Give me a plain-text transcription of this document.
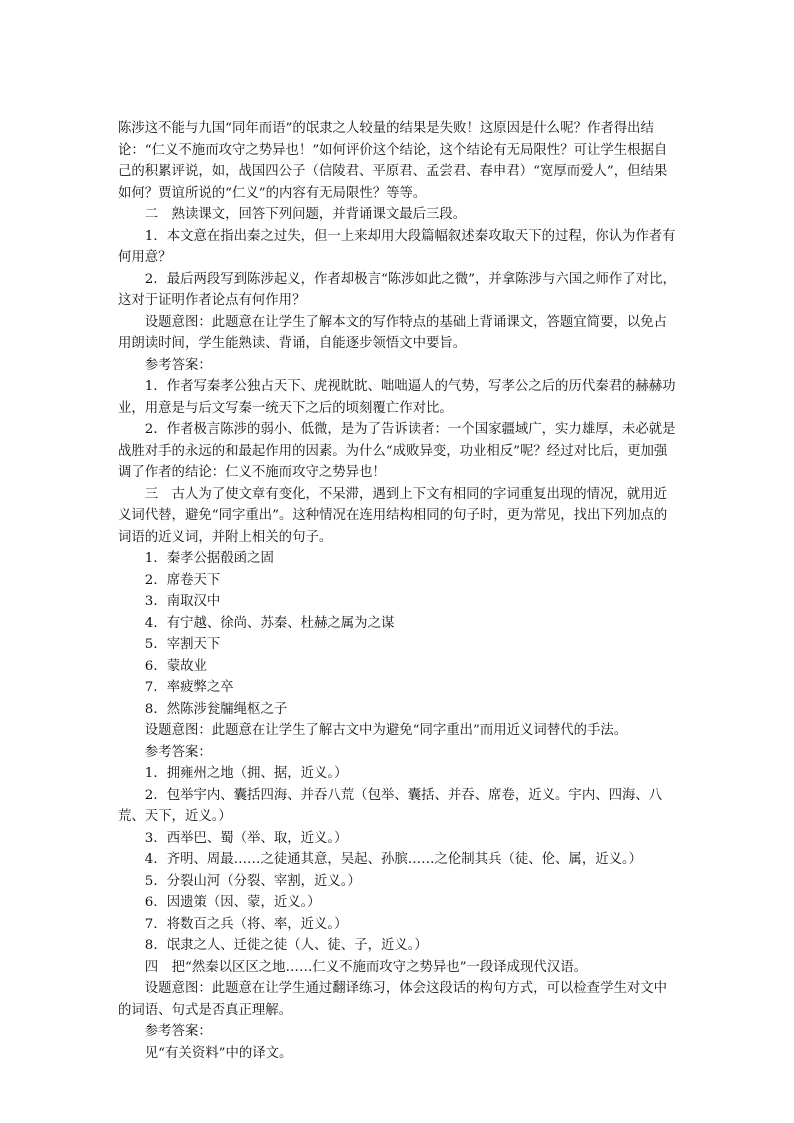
陈涉这不能与九国“同年而语”的氓隶之人较量的结果是失败！这原因是什么呢？作者得出结论：“仁义不施而攻守之势异也！”如何评价这个结论，这个结论有无局限性？可让学生根据自己的积累评说，如，战国四公子（信陵君、平原君、孟尝君、春申君）“宽厚而爱人”，但结果如何？贾谊所说的“仁义”的内容有无局限性？等等。

二　熟读课文，回答下列问题，并背诵课文最后三段。

1．本文意在指出秦之过失，但一上来却用大段篇幅叙述秦攻取天下的过程，你认为作者有何用意？

2．最后两段写到陈涉起义，作者却极言“陈涉如此之微”，并拿陈涉与六国之师作了对比，这对于证明作者论点有何作用？

设题意图：此题意在让学生了解本文的写作特点的基础上背诵课文，答题宜简要，以免占用朗读时间，学生能熟读、背诵，自能逐步领悟文中要旨。

参考答案：

1．作者写秦孝公独占天下、虎视眈眈、咄咄逼人的气势，写孝公之后的历代秦君的赫赫功业，用意是与后文写秦一统天下之后的顷刻覆亡作对比。

2．作者极言陈涉的弱小、低微，是为了告诉读者：一个国家疆域广，实力雄厚，未必就是战胜对手的永远的和最起作用的因素。为什么“成败异变，功业相反”呢？经过对比后，更加强调了作者的结论：仁义不施而攻守之势异也！

三　古人为了使文章有变化，不呆滞，遇到上下文有相同的字词重复出现的情况，就用近义词代替，避免“同字重出”。这种情况在连用结构相同的句子时，更为常见，找出下列加点的词语的近义词，并附上相关的句子。

1．秦孝公据殽函之固

2．席卷天下

3．南取汉中

4．有宁越、徐尚、苏秦、杜赫之属为之谋

5．宰割天下

6．蒙故业

7．率疲弊之卒

8．然陈涉瓮牖绳枢之子

设题意图：此题意在让学生了解古文中为避免“同字重出”而用近义词替代的手法。

参考答案：

1．拥雍州之地（拥、据，近义。）

2．包举宇内、囊括四海、并吞八荒（包举、囊括、并吞、席卷，近义。宇内、四海、八荒、天下，近义。）

3．西举巴、蜀（举、取，近义。）

4．齐明、周最……之徒通其意，吴起、孙膑……之伦制其兵（徒、伦、属，近义。）

5．分裂山河（分裂、宰割，近义。）

6．因遗策（因、蒙，近义。）

7．将数百之兵（将、率，近义。）

8．氓隶之人、迁徙之徒（人、徒、子，近义。）

四　把“然秦以区区之地……仁义不施而攻守之势异也”一段译成现代汉语。

设题意图：此题意在让学生通过翻译练习，体会这段话的构句方式，可以检查学生对文中的词语、句式是否真正理解。

参考答案：

见“有关资料”中的译文。
